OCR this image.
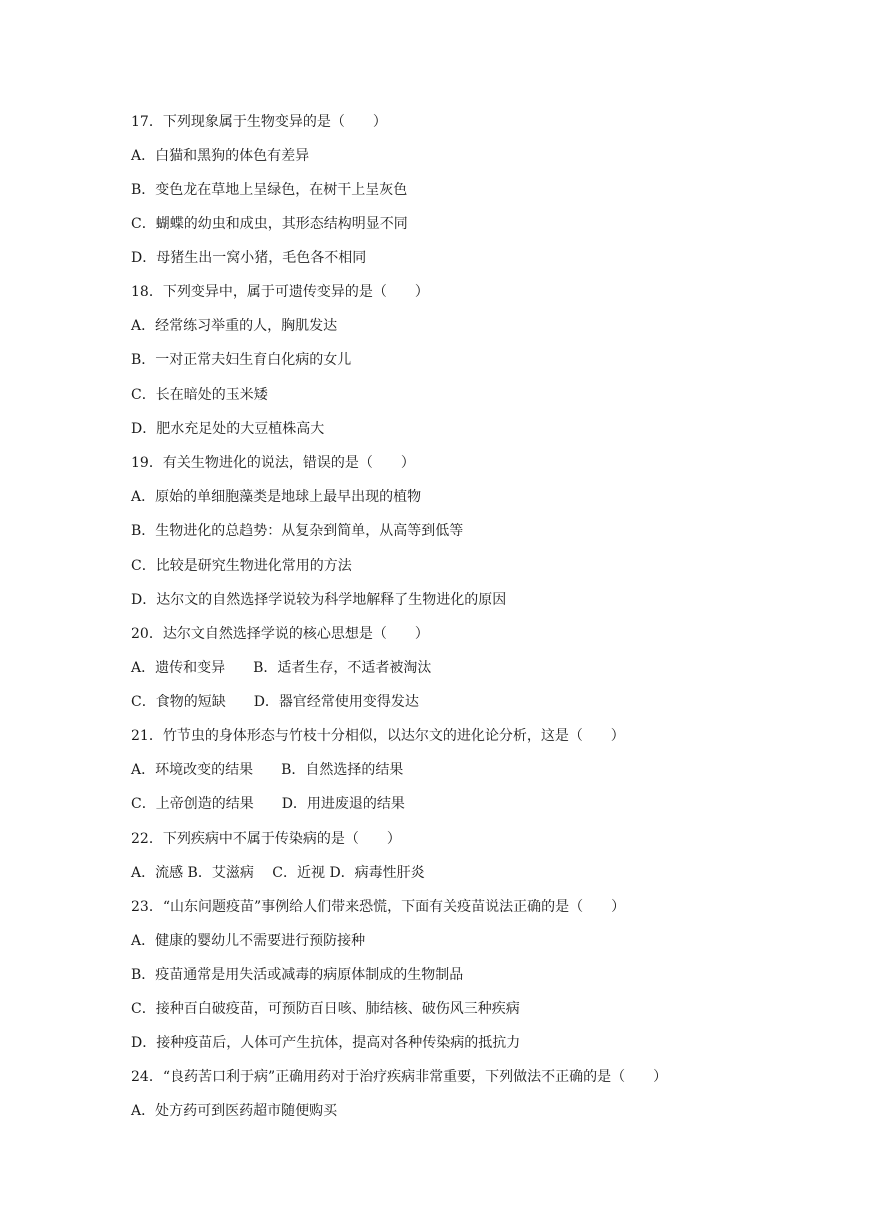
17．下列现象属于生物变异的是（　　）
A．白猫和黑狗的体色有差异
B．变色龙在草地上呈绿色，在树干上呈灰色
C．蝴蝶的幼虫和成虫，其形态结构明显不同
D．母猪生出一窝小猪，毛色各不相同
18．下列变异中，属于可遗传变异的是（　　）
A．经常练习举重的人，胸肌发达
B．一对正常夫妇生育白化病的女儿
C．长在暗处的玉米矮
D．肥水充足处的大豆植株高大
19．有关生物进化的说法，错误的是（　　）
A．原始的单细胞藻类是地球上最早出现的植物
B．生物进化的总趋势：从复杂到简单，从高等到低等
C．比较是研究生物进化常用的方法
D．达尔文的自然选择学说较为科学地解释了生物进化的原因
20．达尔文自然选择学说的核心思想是（　　）
A．遗传和变异　　B．适者生存，不适者被淘汰
C．食物的短缺　　D．器官经常使用变得发达
21．竹节虫的身体形态与竹枝十分相似，以达尔文的进化论分析，这是（　　）
A．环境改变的结果　　B．自然选择的结果
C．上帝创造的结果　　D．用进废退的结果
22．下列疾病中不属于传染病的是（　　）
A．流感 B．艾滋病　 C．近视 D．病毒性肝炎
23．“山东问题疫苗”事例给人们带来恐慌，下面有关疫苗说法正确的是（　　）
A．健康的婴幼儿不需要进行预防接种
B．疫苗通常是用失活或减毒的病原体制成的生物制品
C．接种百白破疫苗，可预防百日咳、肺结核、破伤风三种疾病
D．接种疫苗后，人体可产生抗体，提高对各种传染病的抵抗力
24．“良药苦口利于病”正确用药对于治疗疾病非常重要，下列做法不正确的是（　　）
A．处方药可到医药超市随便购买
